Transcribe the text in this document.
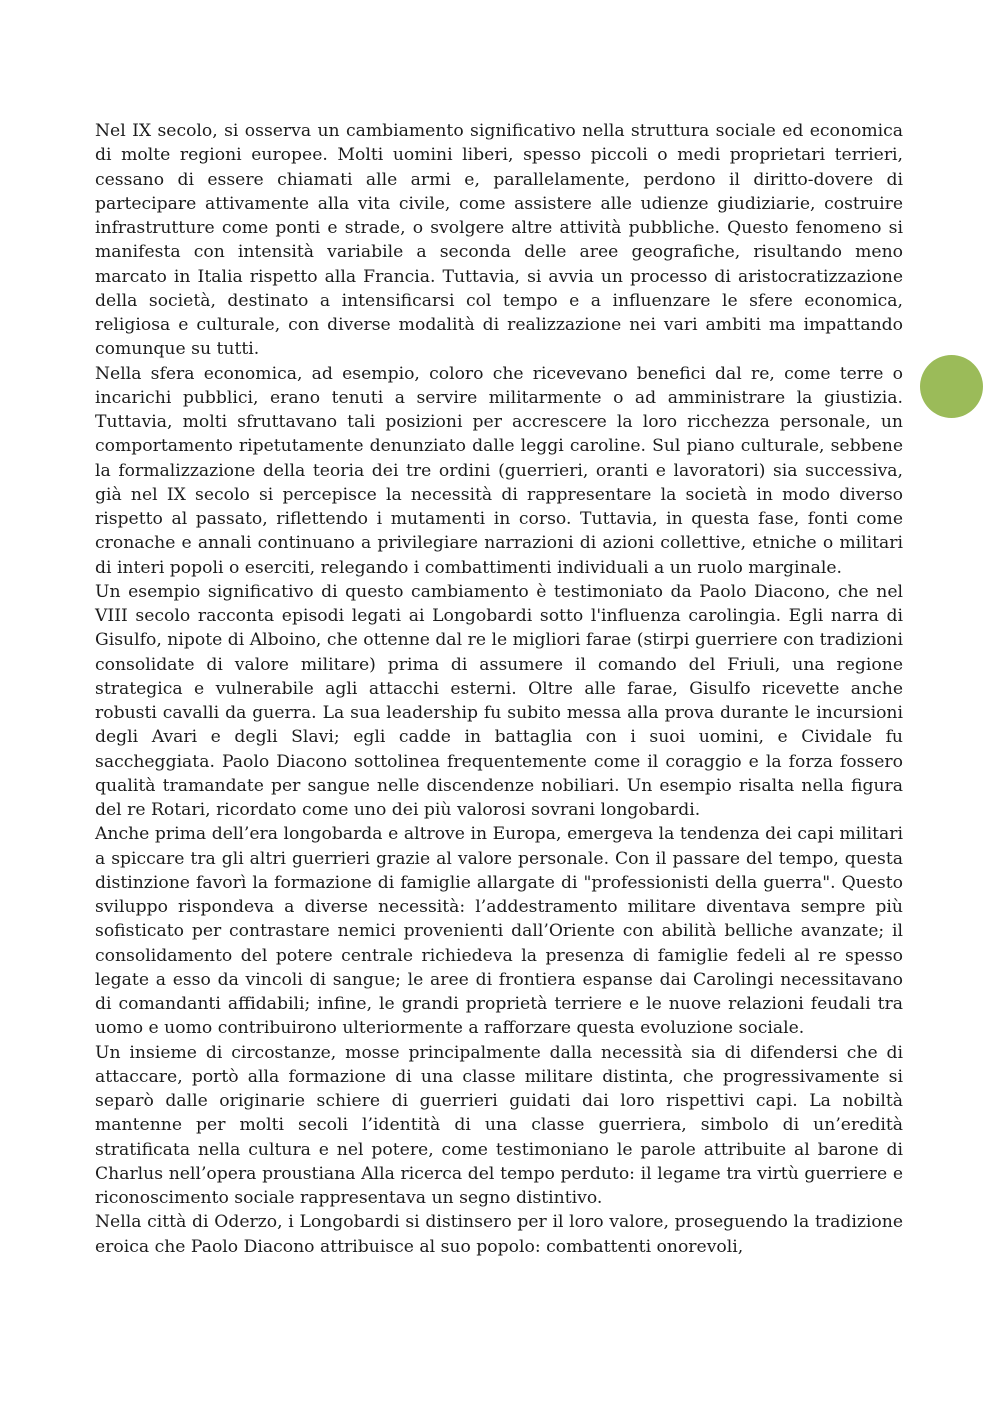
Nel IX secolo, si osserva un cambiamento significativo nella struttura sociale ed economica di molte regioni europee. Molti uomini liberi, spesso piccoli o medi proprietari terrieri, cessano di essere chiamati alle armi e, parallelamente, perdono il diritto-dovere di partecipare attivamente alla vita civile, come assistere alle udienze giudiziarie, costruire infrastrutture come ponti e strade, o svolgere altre attività pubbliche. Questo fenomeno si manifesta con intensità variabile a seconda delle aree geografiche, risultando meno marcato in Italia rispetto alla Francia. Tuttavia, si avvia un processo di aristocratizzazione della società, destinato a intensificarsi col tempo e a influenzare le sfere economica, religiosa e culturale, con diverse modalità di realizzazione nei vari ambiti ma impattando comunque su tutti.

Nella sfera economica, ad esempio, coloro che ricevevano benefici dal re, come terre o incarichi pubblici, erano tenuti a servire militarmente o ad amministrare la giustizia. Tuttavia, molti sfruttavano tali posizioni per accrescere la loro ricchezza personale, un comportamento ripetutamente denunziato dalle leggi caroline. Sul piano culturale, sebbene la formalizzazione della teoria dei tre ordini (guerrieri, oranti e lavoratori) sia successiva, già nel IX secolo si percepisce la necessità di rappresentare la società in modo diverso rispetto al passato, riflettendo i mutamenti in corso. Tuttavia, in questa fase, fonti come cronache e annali continuano a privilegiare narrazioni di azioni collettive, etniche o militari di interi popoli o eserciti, relegando i combattimenti individuali a un ruolo marginale.

Un esempio significativo di questo cambiamento è testimoniato da Paolo Diacono, che nel VIII secolo racconta episodi legati ai Longobardi sotto l'influenza carolingia. Egli narra di Gisulfo, nipote di Alboino, che ottenne dal re le migliori farae (stirpi guerriere con tradizioni consolidate di valore militare) prima di assumere il comando del Friuli, una regione strategica e vulnerabile agli attacchi esterni. Oltre alle farae, Gisulfo ricevette anche robusti cavalli da guerra. La sua leadership fu subito messa alla prova durante le incursioni degli Avari e degli Slavi; egli cadde in battaglia con i suoi uomini, e Cividale fu saccheggiata. Paolo Diacono sottolinea frequentemente come il coraggio e la forza fossero qualità tramandate per sangue nelle discendenze nobiliari. Un esempio risalta nella figura del re Rotari, ricordato come uno dei più valorosi sovrani longobardi.

Anche prima dell’era longobarda e altrove in Europa, emergeva la tendenza dei capi militari a spiccare tra gli altri guerrieri grazie al valore personale. Con il passare del tempo, questa distinzione favorì la formazione di famiglie allargate di "professionisti della guerra". Questo sviluppo rispondeva a diverse necessità: l’addestramento militare diventava sempre più sofisticato per contrastare nemici provenienti dall’Oriente con abilità belliche avanzate; il consolidamento del potere centrale richiedeva la presenza di famiglie fedeli al re spesso legate a esso da vincoli di sangue; le aree di frontiera espanse dai Carolingi necessitavano di comandanti affidabili; infine, le grandi proprietà terriere e le nuove relazioni feudali tra uomo e uomo contribuirono ulteriormente a rafforzare questa evoluzione sociale.

Un insieme di circostanze, mosse principalmente dalla necessità sia di difendersi che di attaccare, portò alla formazione di una classe militare distinta, che progressivamente si separò dalle originarie schiere di guerrieri guidati dai loro rispettivi capi. La nobiltà mantenne per molti secoli l’identità di una classe guerriera, simbolo di un’eredità stratificata nella cultura e nel potere, come testimoniano le parole attribuite al barone di Charlus nell’opera proustiana Alla ricerca del tempo perduto: il legame tra virtù guerriere e riconoscimento sociale rappresentava un segno distintivo.

Nella città di Oderzo, i Longobardi si distinsero per il loro valore, proseguendo la tradizione eroica che Paolo Diacono attribuisce al suo popolo: combattenti onorevoli,
